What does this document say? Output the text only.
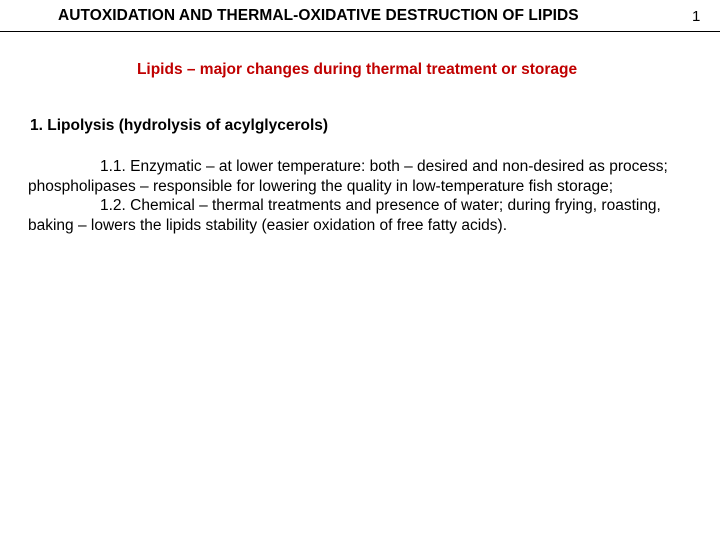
AUTOXIDATION AND THERMAL-OXIDATIVE DESTRUCTION OF LIPIDS	1
Lipids – major changes during thermal treatment or storage
1. Lipolysis (hydrolysis of acylglycerols)

1.1. Enzymatic – at lower temperature: both – desired and non-desired as process; phospholipases – responsible for lowering the quality in low-temperature fish storage;

1.2. Chemical – thermal treatments and presence of water; during frying, roasting, baking – lowers the lipids stability (easier oxidation of free fatty acids).
